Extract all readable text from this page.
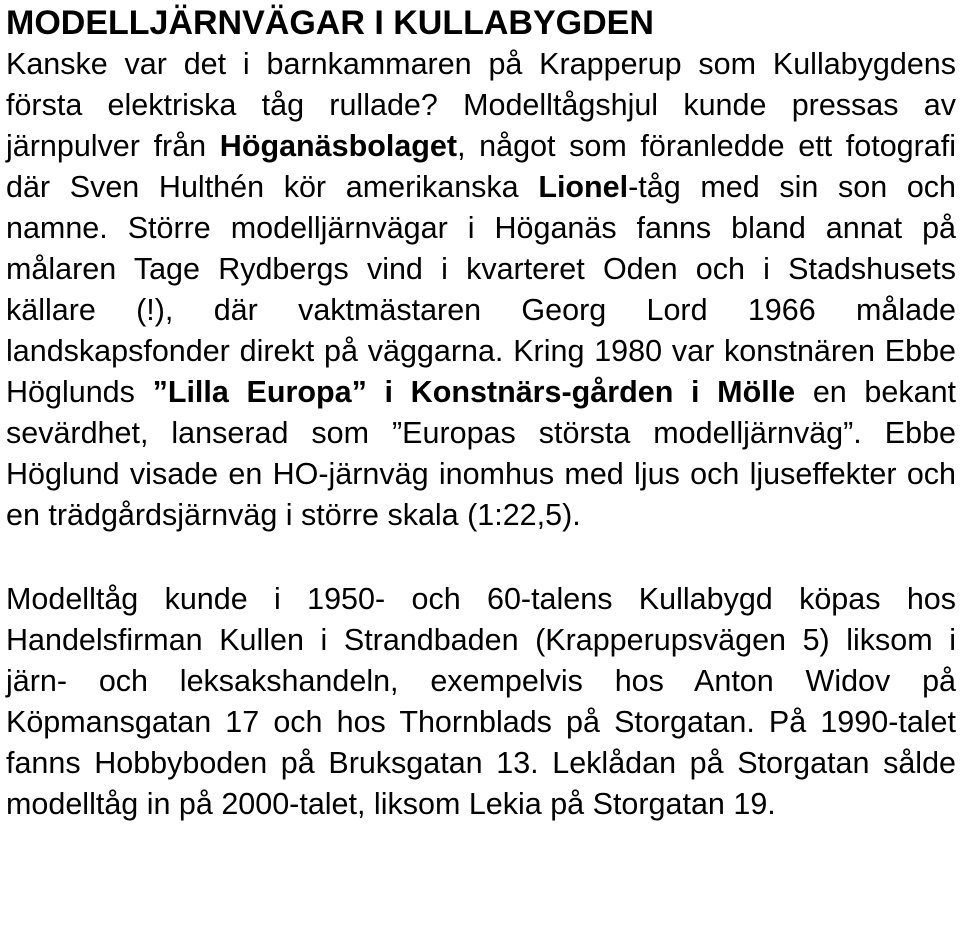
MODELLJÄRNVÄGAR I KULLABYGDEN

Kanske var det i barnkammaren på Krapperup som Kullabygdens första elektriska tåg rullade? Modelltågshjul kunde pressas av järnpulver från Höganäsbolaget, något som föranledde ett fotografi där Sven Hulthén kör amerikanska Lionel-tåg med sin son och namne. Större modelljärnvägar i Höganäs fanns bland annat på målaren Tage Rydbergs vind i kvarteret Oden och i Stadshusets källare (!), där vaktmästaren Georg Lord 1966 målade landskapsfonder direkt på väggarna. Kring 1980 var konstnären Ebbe Höglunds ”Lilla Europa” i Konstnärs-gården i Mölle en bekant sevärdhet, lanserad som ”Europas största modelljärnväg”. Ebbe Höglund visade en HO-järnväg inomhus med ljus och ljuseffekter och en trädgårdsjärnväg i större skala (1:22,5).

Modelltåg kunde i 1950- och 60-talens Kullabygd köpas hos Handelsfirman Kullen i Strandbaden (Krapperupsvägen 5) liksom i järn- och leksakshandeln, exempelvis hos Anton Widov på Köpmansgatan 17 och hos Thornblads på Storgatan. På 1990-talet fanns Hobbyboden på Bruksgatan 13. Leklådan på Storgatan sålde modelltåg in på 2000-talet, liksom Lekia på Storgatan 19.
